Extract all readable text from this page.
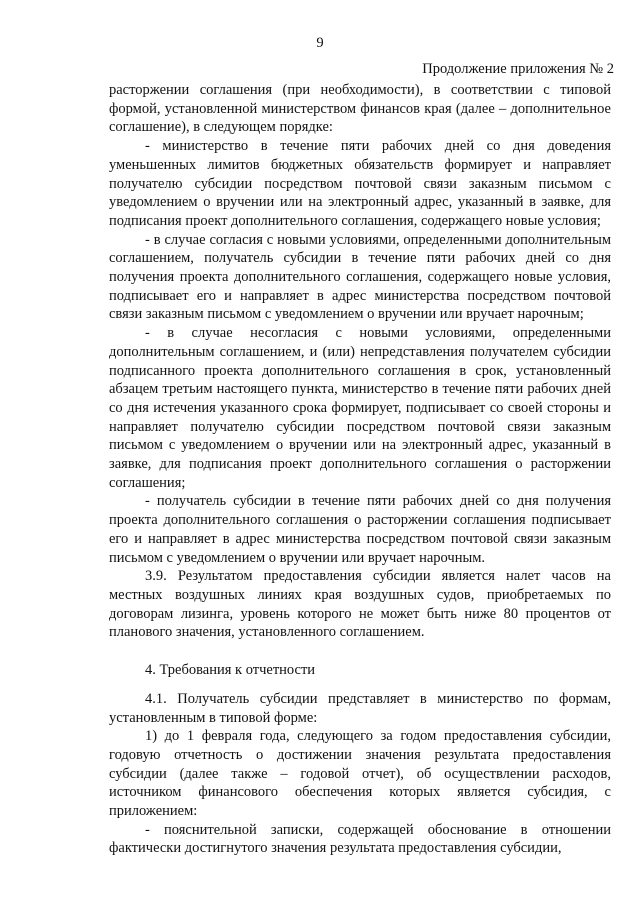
9
Продолжение приложения № 2

расторжении соглашения (при необходимости), в соответствии с типовой формой, установленной министерством финансов края (далее – дополнительное соглашение), в следующем порядке:

- министерство в течение пяти рабочих дней со дня доведения уменьшенных лимитов бюджетных обязательств формирует и направляет получателю субсидии посредством почтовой связи заказным письмом с уведомлением о вручении или на электронный адрес, указанный в заявке, для подписания проект дополнительного соглашения, содержащего новые условия;

- в случае согласия с новыми условиями, определенными дополнительным соглашением, получатель субсидии в течение пяти рабочих дней со дня получения проекта дополнительного соглашения, содержащего новые условия, подписывает его и направляет в адрес министерства посредством почтовой связи заказным письмом с уведомлением о вручении или вручает нарочным;

- в случае несогласия с новыми условиями, определенными дополнительным соглашением, и (или) непредставления получателем субсидии подписанного проекта дополнительного соглашения в срок, установленный абзацем третьим настоящего пункта, министерство в течение пяти рабочих дней со дня истечения указанного срока формирует, подписывает со своей стороны и направляет получателю субсидии посредством почтовой связи заказным письмом с уведомлением о вручении или на электронный адрес, указанный в заявке, для подписания проект дополнительного соглашения о расторжении соглашения;

- получатель субсидии в течение пяти рабочих дней со дня получения проекта дополнительного соглашения о расторжении соглашения подписывает его и направляет в адрес министерства посредством почтовой связи заказным письмом с уведомлением о вручении или вручает нарочным.

3.9. Результатом предоставления субсидии является налет часов на местных воздушных линиях края воздушных судов, приобретаемых по договорам лизинга, уровень которого не может быть ниже 80 процентов от планового значения, установленного соглашением.

4. Требования к отчетности

4.1. Получатель субсидии представляет в министерство по формам, установленным в типовой форме:

1) до 1 февраля года, следующего за годом предоставления субсидии, годовую отчетность о достижении значения результата предоставления субсидии (далее также – годовой отчет), об осуществлении расходов, источником финансового обеспечения которых является субсидия, с приложением:

- пояснительной записки, содержащей обоснование в отношении фактически достигнутого значения результата предоставления субсидии,
